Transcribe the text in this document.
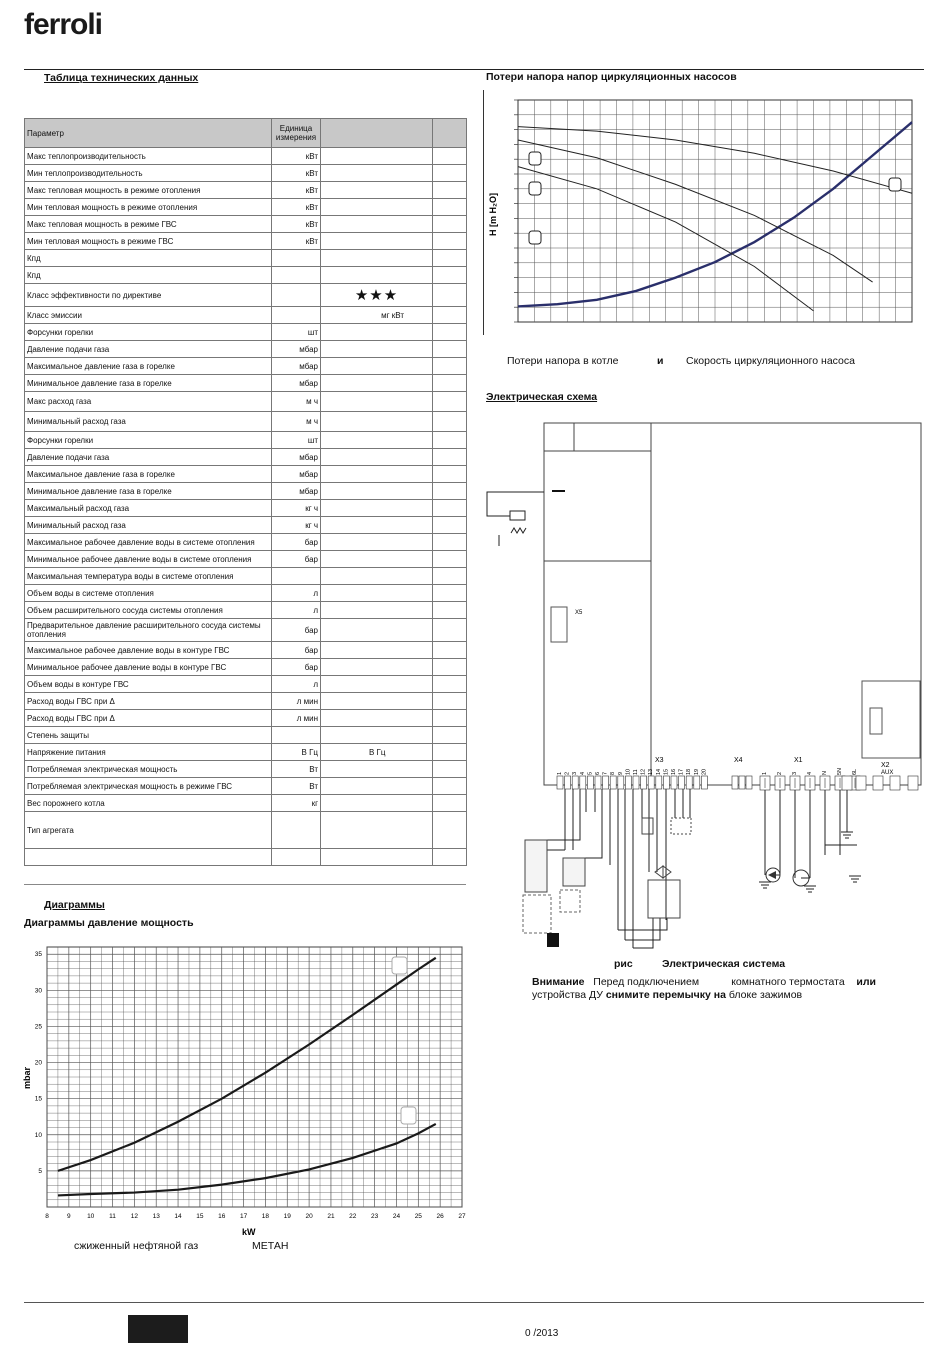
ferroli
Таблица технических данных
Параметр	Единица измерения		
Макс теплопроизводительность	кВт		
Мин теплопроизводительность	кВт		
Макс тепловая мощность в режиме отопления	кВт		
Мин тепловая мощность в режиме отопления	кВт		
Макс тепловая мощность в режиме ГВС	кВт		
Мин тепловая мощность в режиме ГВС	кВт		
Кпд			
Кпд			
Класс эффективности по директиве		★★★	
Класс эмиссии		мг кВт	
Форсунки горелки	шт		
Давление подачи газа	мбар		
Максимальное давление газа в горелке	мбар		
Минимальное давление газа в горелке	мбар		
Макс расход газа	м ч		
Минимальный расход газа	м ч		
Форсунки горелки	шт		
Давление подачи газа	мбар		
Максимальное давление газа в горелке	мбар		
Минимальное давление газа в горелке	мбар		
Максимальный расход газа	кг ч		
Минимальный расход газа	кг ч		
Максимальное рабочее давление воды в системе отопления	бар		
Минимальное рабочее давление воды в системе отопления	бар		
Максимальная температура воды в системе отопления			
Объем воды в системе отопления	л		
Объем расширительного сосуда системы отопления	л		
Предварительное давление расширительного сосуда системы отопления	бар		
Максимальное рабочее давление воды в контуре ГВС	бар		
Минимальное рабочее давление воды в контуре ГВС	бар		
Объем воды в контуре ГВС	л		
Расход воды ГВС при Δ	л мин		
Расход воды ГВС при Δ	л мин		
Степень защиты			
Напряжение питания	В Гц	В Гц	
Потребляемая электрическая мощность	Вт		
Потребляемая электрическая мощность в режиме ГВС	Вт		
Вес порожнего котла	кг		
Тип агрегата			

Диаграммы
Диаграммы давление мощность
8	9	10 11 12 13 14 15 16 17 18 19 20 21 22 23 24 25 26 27
5
10
15
20
25
30
35
mbar
kW
сжиженный нефтяной газ	МЕТАН
Потери напора напор циркуляционных насосов
H [m H₂O]
Потери напора в котле	и Скорость циркуляционного насоса
Электрическая схема
X5
1 2 3 4 5 6 7 8 9 10 11 12 13 14 15 16 17 18 19 20	1 2 3 4 N 5N 6L
X3	X4	X1
X2
AUX
рис	Электрическая система
Внимание Перед подключением	комнатного термостата или
устройства ДУ снимите перемычку на блоке зажимов
0 /2013
